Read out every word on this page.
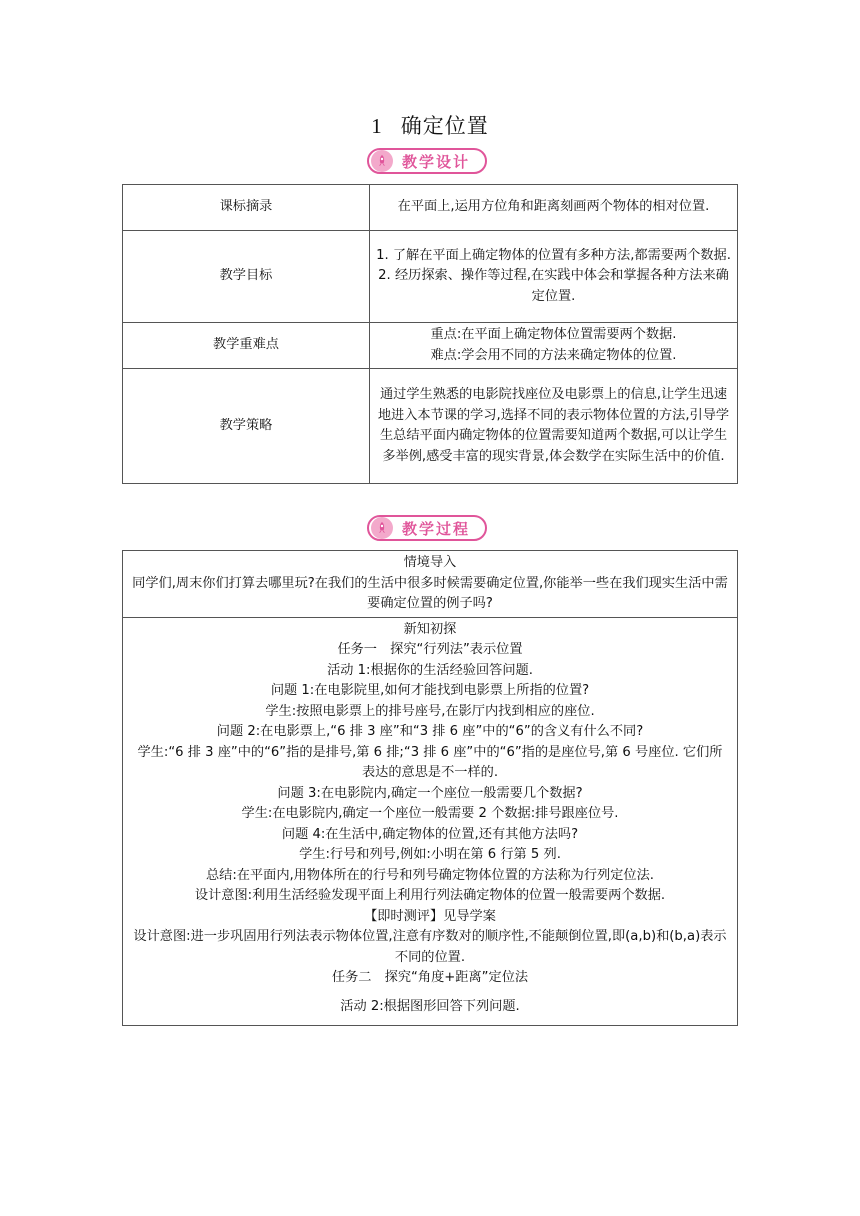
1 确定位置
教学设计
课标摘录	在平面上,运用方位角和距离刻画两个物体的相对位置.
教学目标	1. 了解在平面上确定物体的位置有多种方法,都需要两个数据.
2. 经历探索、操作等过程,在实践中体会和掌握各种方法来确定位置.

教学重难点	重点:在平面上确定物体位置需要两个数据.
难点:学会用不同的方法来确定物体的位置.

教学策略	通过学生熟悉的电影院找座位及电影票上的信息,让学生迅速地进入本节课的学习,选择不同的表示物体位置的方法,引导学生总结平面内确定物体的位置需要知道两个数据,可以让学生多举例,感受丰富的现实背景,体会数学在实际生活中的价值.
教学过程

情境导入

同学们,周末你们打算去哪里玩?在我们的生活中很多时候需要确定位置,你能举一些在我们现实生活中需要确定位置的例子吗?

新知初探

任务一　探究“行列法”表示位置

活动 1:根据你的生活经验回答问题.

问题 1:在电影院里,如何才能找到电影票上所指的位置?

学生:按照电影票上的排号座号,在影厅内找到相应的座位.

问题 2:在电影票上,“6 排 3 座”和“3 排 6 座”中的“6”的含义有什么不同?

学生:“6 排 3 座”中的“6”指的是排号,第 6 排;“3 排 6 座”中的“6”指的是座位号,第 6 号座位. 它们所表达的意思是不一样的.

问题 3:在电影院内,确定一个座位一般需要几个数据?

学生:在电影院内,确定一个座位一般需要 2 个数据:排号跟座位号.

问题 4:在生活中,确定物体的位置,还有其他方法吗?

学生:行号和列号,例如:小明在第 6 行第 5 列.

总结:在平面内,用物体所在的行号和列号确定物体位置的方法称为行列定位法.

设计意图:利用生活经验发现平面上利用行列法确定物体的位置一般需要两个数据.

【即时测评】见导学案

设计意图:进一步巩固用行列法表示物体位置,注意有序数对的顺序性,不能颠倒位置,即(a,b)和(b,a)表示不同的位置.

任务二　探究“角度+距离”定位法

活动 2:根据图形回答下列问题.
